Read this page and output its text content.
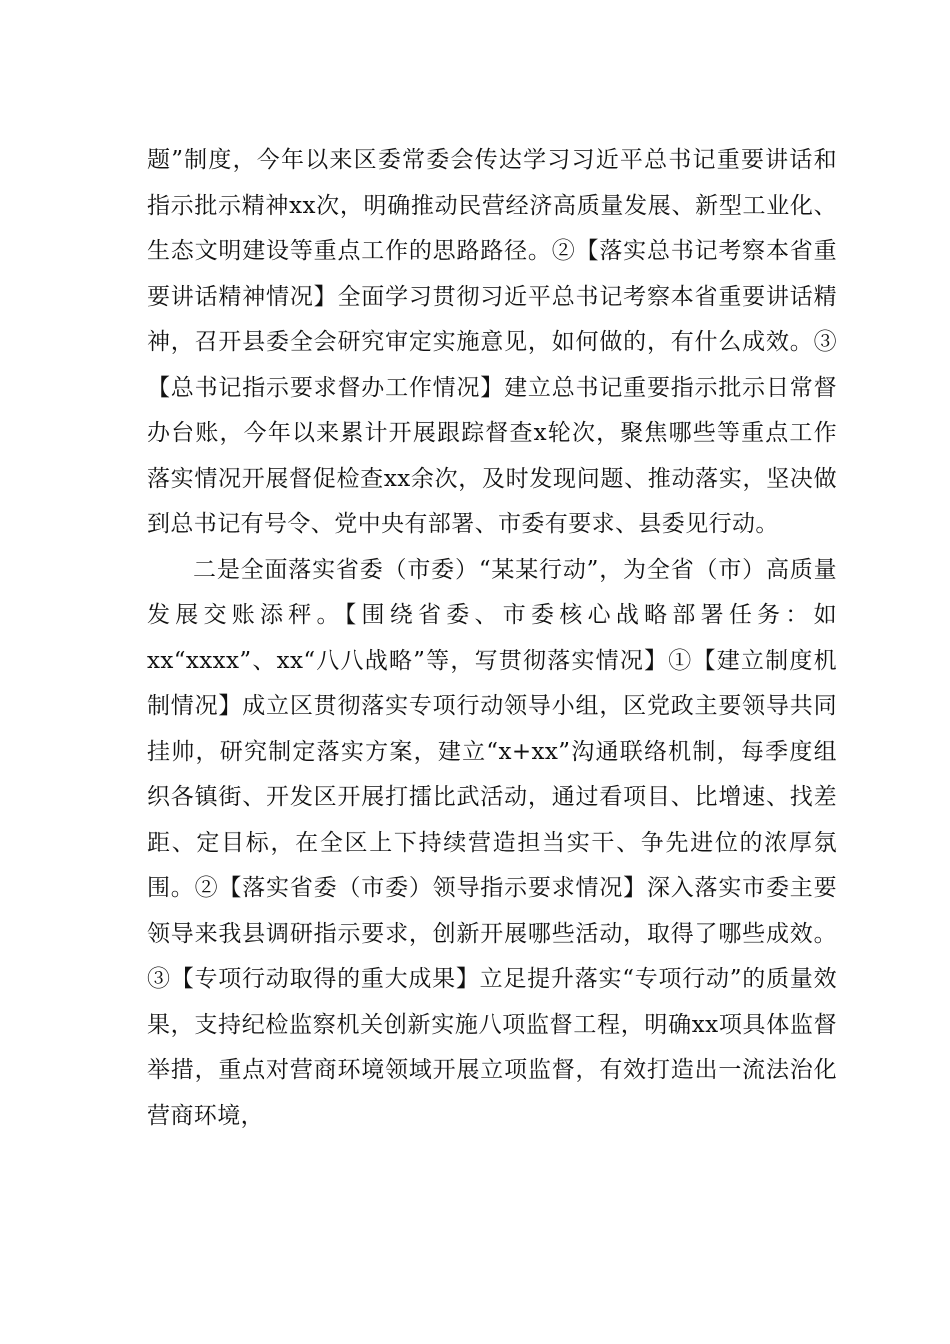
题”制度，今年以来区委常委会传达学习习近平总书记重要讲话和指示批示精神xx次，明确推动民营经济高质量发展、新型工业化、生态文明建设等重点工作的思路路径。②【落实总书记考察本省重要讲话精神情况】全面学习贯彻习近平总书记考察本省重要讲话精神，召开县委全会研究审定实施意见，如何做的，有什么成效。③【总书记指示要求督办工作情况】建立总书记重要指示批示日常督办台账，今年以来累计开展跟踪督查x轮次，聚焦哪些等重点工作落实情况开展督促检查xx余次，及时发现问题、推动落实，坚决做到总书记有号令、党中央有部署、市委有要求、县委见行动。

二是全面落实省委（市委）“某某行动”，为全省（市）高质量发展交账添秤。【围绕省委、市委核心战略部署任务：如xx“xxxx”、xx“八八战略”等，写贯彻落实情况】①【建立制度机制情况】成立区贯彻落实专项行动领导小组，区党政主要领导共同挂帅，研究制定落实方案，建立“x+xx”沟通联络机制，每季度组织各镇街、开发区开展打擂比武活动，通过看项目、比增速、找差距、定目标，在全区上下持续营造担当实干、争先进位的浓厚氛围。②【落实省委（市委）领导指示要求情况】深入落实市委主要领导来我县调研指示要求，创新开展哪些活动，取得了哪些成效。③【专项行动取得的重大成果】立足提升落实“专项行动”的质量效果，支持纪检监察机关创新实施八项监督工程，明确xx项具体监督举措，重点对营商环境领域开展立项监督，有效打造出一流法治化营商环境，
